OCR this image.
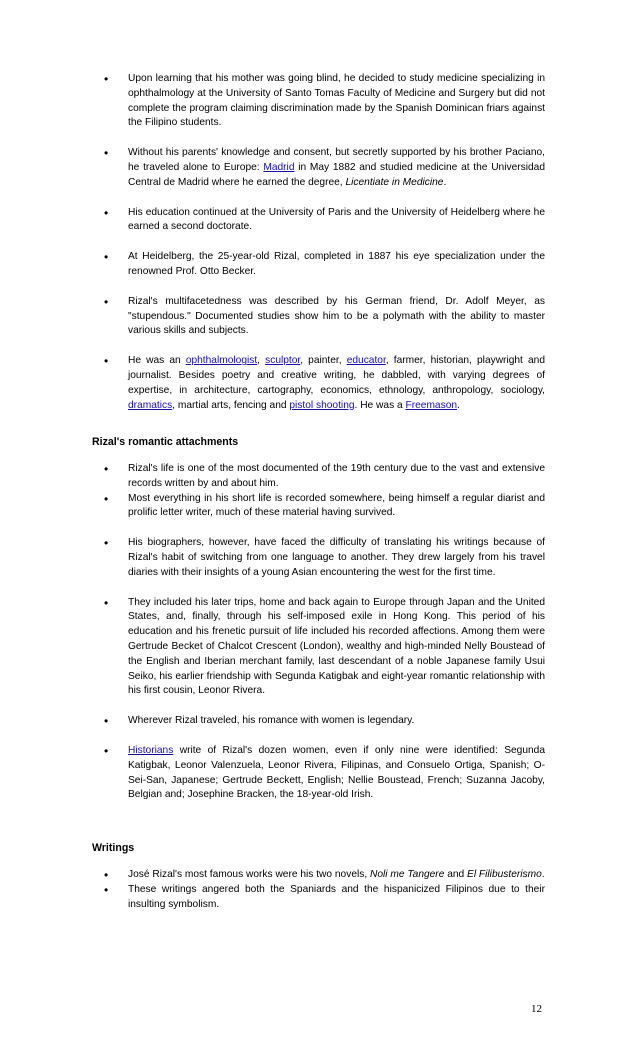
• Upon learning that his mother was going blind, he decided to study medicine specializing in ophthalmology at the University of Santo Tomas Faculty of Medicine and Surgery but did not complete the program claiming discrimination made by the Spanish Dominican friars against the Filipino students.
• Without his parents' knowledge and consent, but secretly supported by his brother Paciano, he traveled alone to Europe: Madrid in May 1882 and studied medicine at the Universidad Central de Madrid where he earned the degree, Licentiate in Medicine.
• His education continued at the University of Paris and the University of Heidelberg where he earned a second doctorate.
• At Heidelberg, the 25-year-old Rizal, completed in 1887 his eye specialization under the renowned Prof. Otto Becker.
• Rizal's multifacetedness was described by his German friend, Dr. Adolf Meyer, as "stupendous." Documented studies show him to be a polymath with the ability to master various skills and subjects.
• He was an ophthalmologist, sculptor, painter, educator, farmer, historian, playwright and journalist. Besides poetry and creative writing, he dabbled, with varying degrees of expertise, in architecture, cartography, economics, ethnology, anthropology, sociology, dramatics, martial arts, fencing and pistol shooting. He was a Freemason.
Rizal's romantic attachments
• Rizal's life is one of the most documented of the 19th century due to the vast and extensive records written by and about him.
• Most everything in his short life is recorded somewhere, being himself a regular diarist and prolific letter writer, much of these material having survived.
• His biographers, however, have faced the difficulty of translating his writings because of Rizal's habit of switching from one language to another. They drew largely from his travel diaries with their insights of a young Asian encountering the west for the first time.
• They included his later trips, home and back again to Europe through Japan and the United States, and, finally, through his self-imposed exile in Hong Kong. This period of his education and his frenetic pursuit of life included his recorded affections. Among them were Gertrude Becket of Chalcot Crescent (London), wealthy and high-minded Nelly Boustead of the English and Iberian merchant family, last descendant of a noble Japanese family Usui Seiko, his earlier friendship with Segunda Katigbak and eight-year romantic relationship with his first cousin, Leonor Rivera.
• Wherever Rizal traveled, his romance with women is legendary.
• Historians write of Rizal's dozen women, even if only nine were identified: Segunda Katigbak, Leonor Valenzuela, Leonor Rivera, Filipinas, and Consuelo Ortiga, Spanish; O-Sei-San, Japanese; Gertrude Beckett, English; Nellie Boustead, French; Suzanna Jacoby, Belgian and; Josephine Bracken, the 18-year-old Irish.
Writings
• José Rizal's most famous works were his two novels, Noli me Tangere and El Filibusterismo.
• These writings angered both the Spaniards and the hispanicized Filipinos due to their insulting symbolism.
12
